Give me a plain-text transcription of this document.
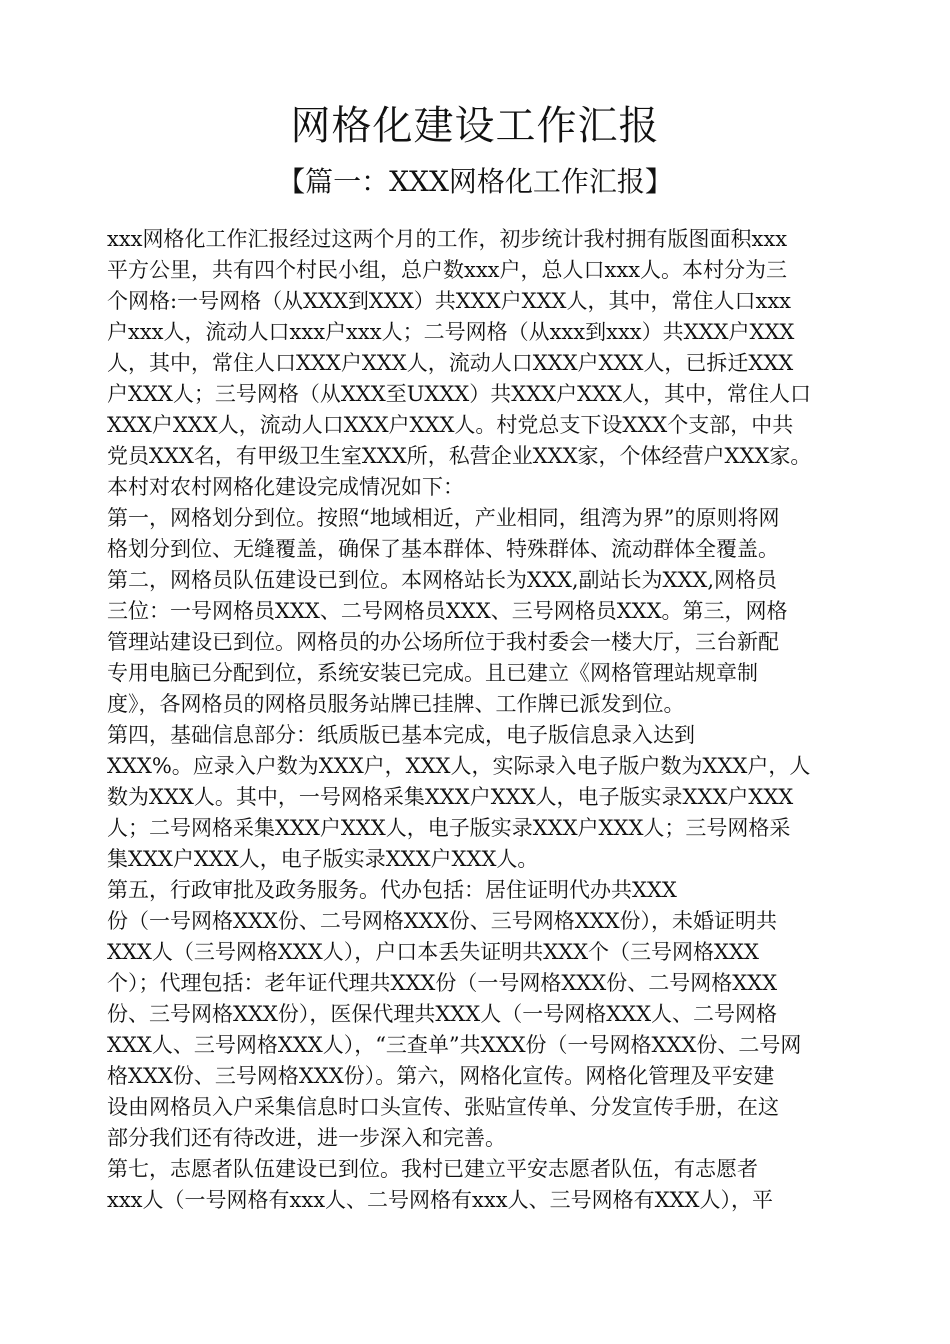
网格化建设工作汇报
【篇一：XXX网格化工作汇报】
xxx网格化工作汇报经过这两个月的工作，初步统计我村拥有版图面积xxx
平方公里，共有四个村民小组，总户数xxx户，总人口xxx人。本村分为三
个网格:一号网格（从XXX到XXX）共XXX户XXX人，其中，常住人口xxx
户xxx人，流动人口xxx户xxx人；二号网格（从xxx到xxx）共XXX户XXX
人，其中，常住人口XXX户XXX人，流动人口XXX户XXX人，已拆迁XXX
户XXX人；三号网格（从XXX至UXXX）共XXX户XXX人，其中，常住人口
XXX户XXX人，流动人口XXX户XXX人。村党总支下设XXX个支部，中共
党员XXX名，有甲级卫生室XXX所，私营企业XXX家，个体经营户XXX家。
本村对农村网格化建设完成情况如下：
第一，网格划分到位。按照“地域相近，产业相同，组湾为界”的原则将网
格划分到位、无缝覆盖，确保了基本群体、特殊群体、流动群体全覆盖。
第二，网格员队伍建设已到位。本网格站长为XXX,副站长为XXX,网格员
三位：一号网格员XXX、二号网格员XXX、三号网格员XXX。第三，网格
管理站建设已到位。网格员的办公场所位于我村委会一楼大厅，三台新配
专用电脑已分配到位，系统安装已完成。且已建立《网格管理站规章制
度》，各网格员的网格员服务站牌已挂牌、工作牌已派发到位。
第四，基础信息部分：纸质版已基本完成，电子版信息录入达到
XXX%。应录入户数为XXX户，XXX人，实际录入电子版户数为XXX户，人
数为XXX人。其中，一号网格采集XXX户XXX人，电子版实录XXX户XXX
人；二号网格采集XXX户XXX人，电子版实录XXX户XXX人；三号网格采
集XXX户XXX人，电子版实录XXX户XXX人。
第五，行政审批及政务服务。代办包括：居住证明代办共XXX
份（一号网格XXX份、二号网格XXX份、三号网格XXX份），未婚证明共
XXX人（三号网格XXX人），户口本丢失证明共XXX个（三号网格XXX
个）；代理包括：老年证代理共XXX份（一号网格XXX份、二号网格XXX
份、三号网格XXX份），医保代理共XXX人（一号网格XXX人、二号网格
XXX人、三号网格XXX人），“三查单”共XXX份（一号网格XXX份、二号网
格XXX份、三号网格XXX份）。第六，网格化宣传。网格化管理及平安建
设由网格员入户采集信息时口头宣传、张贴宣传单、分发宣传手册，在这
部分我们还有待改进，进一步深入和完善。
第七，志愿者队伍建设已到位。我村已建立平安志愿者队伍，有志愿者
xxx人（一号网格有xxx人、二号网格有xxx人、三号网格有XXX人），平
